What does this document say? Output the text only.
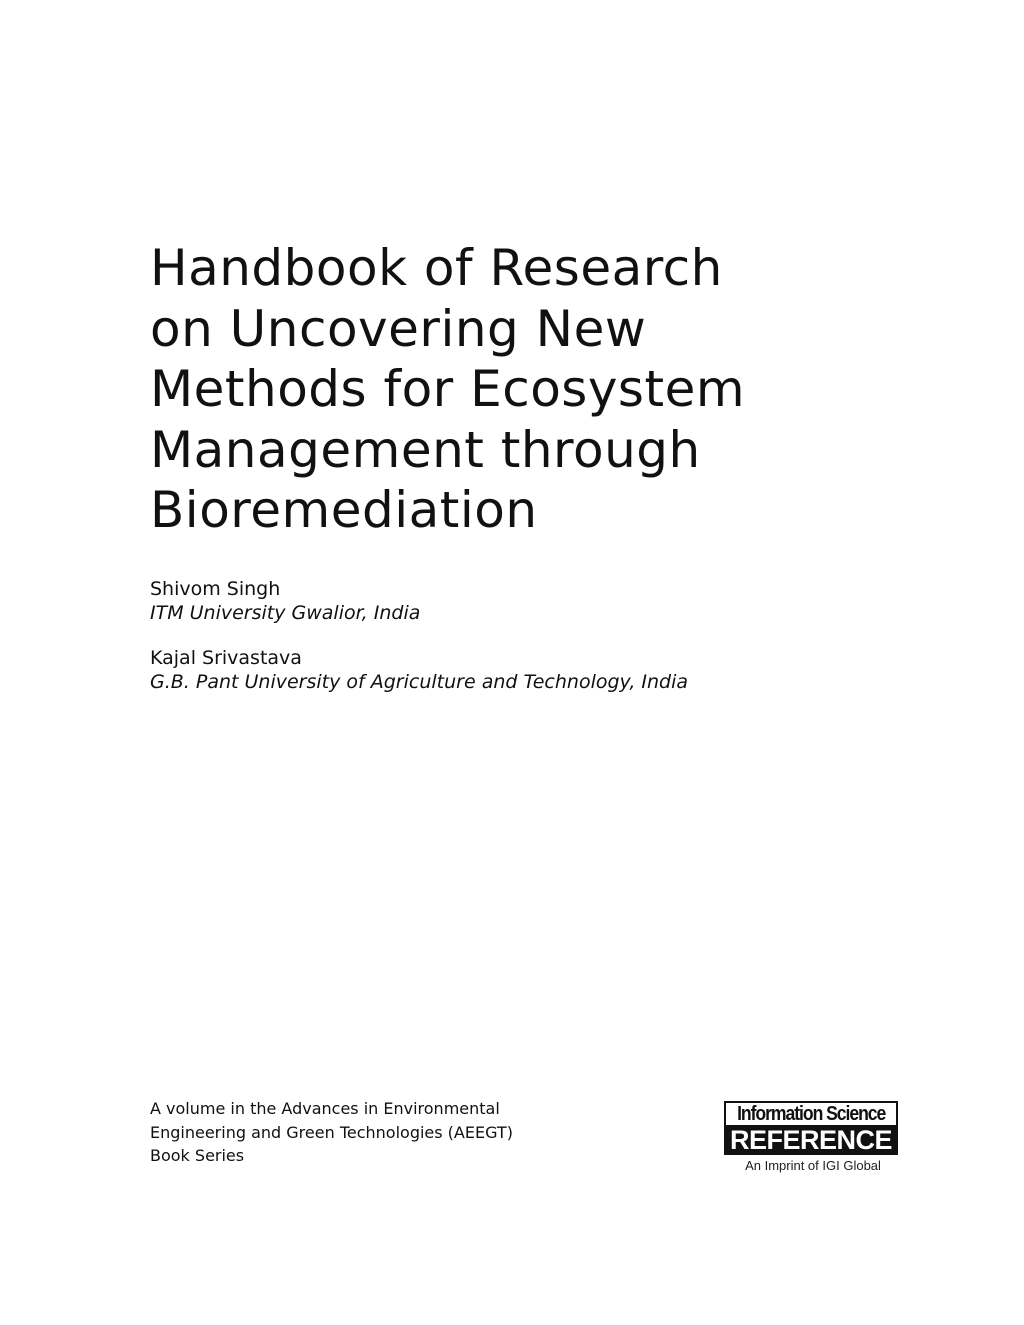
Handbook of Research
on Uncovering New
Methods for Ecosystem
Management through
Bioremediation
Shivom Singh
ITM University Gwalior, India
Kajal Srivastava
G.B. Pant University of Agriculture and Technology, India
A volume in the Advances in Environmental
Engineering and Green Technologies (AEEGT)
Book Series
Information Science
REFERENCE
An Imprint of IGI Global
